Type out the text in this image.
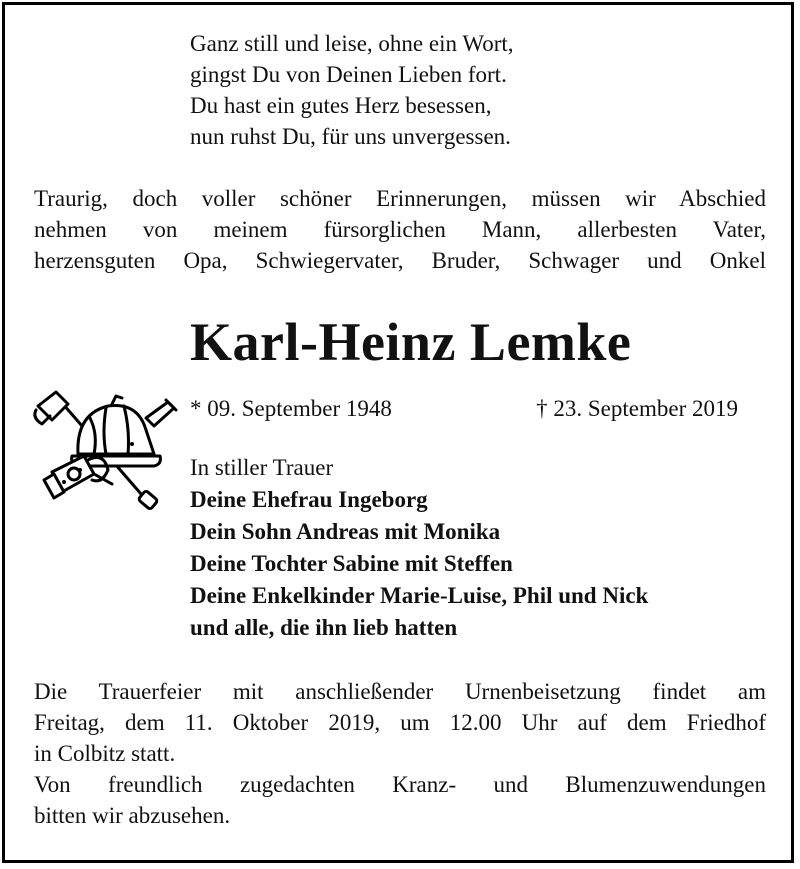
Ganz still und leise, ohne ein Wort,
gingst Du von Deinen Lieben fort.
Du hast ein gutes Herz besessen,
nun ruhst Du, für uns unvergessen.
Traurig, doch voller schöner Erinnerungen, müssen wir Abschied
nehmen von meinem fürsorglichen Mann, allerbesten Vater,
herzensguten Opa, Schwiegervater, Bruder, Schwager und Onkel
Karl-Heinz Lemke
* 09. September 1948	† 23. September 2019
In stiller Trauer
Deine Ehefrau Ingeborg
Dein Sohn Andreas mit Monika
Deine Tochter Sabine mit Steffen
Deine Enkelkinder Marie-Luise, Phil und Nick
und alle, die ihn lieb hatten
Die Trauerfeier mit anschließender Urnenbeisetzung findet am
Freitag, dem 11. Oktober 2019, um 12.00 Uhr auf dem Friedhof
in Colbitz statt.
Von freundlich zugedachten Kranz- und Blumenzuwendungen
bitten wir abzusehen.
